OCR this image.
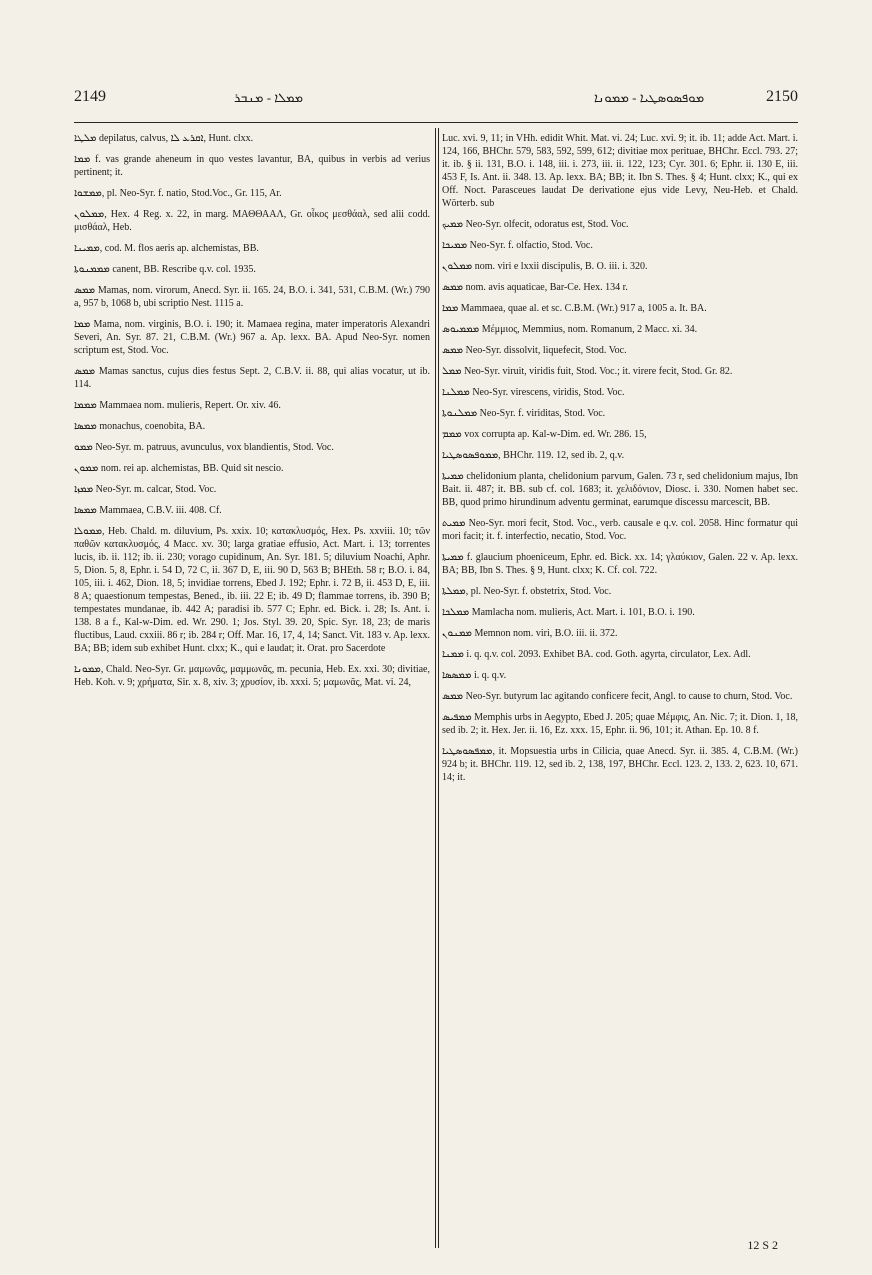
2149	ܡܡܠܐ - ܡܢܒܪ	ܡܘܦܣܘܣܛܝܐ - ܡܡܘܢܐ	2150

ܡܠܛܐ depilatus, calvus, ܐܩܪܥ ܠܐ, Hunt. clxx.

ܡܡܐ f. vas grande aheneum in quo vestes lavantur, BA, quibus in verbis ad verius pertinent; it.

ܡܡܫܘܐ, pl. Neo-Syr. f. natio, Stod.Voc., Gr. 115, Ar.

ܡܡܠܘܢ, Hex. 4 Reg. x. 22, in marg. ΜΑΘΘΑΑΛ, Gr. οἶκος μεσθάαλ, sed alii codd. μισθάαλ, Heb.

ܡܡܝܢܐ, cod. M. flos aeris ap. alchemistas, BB.

ܡܡܡܢܘܬܐ canent, BB. Rescribe q.v. col. 1935.

ܡܡܣ Mamas, nom. virorum, Anecd. Syr. ii. 165. 24, B.O. i. 341, 531, C.B.M. (Wr.) 790 a, 957 b, 1068 b, ubi scriptio Nest. 1115 a.

ܡܡܐ Mama, nom. virginis, B.O. i. 190; it. Mamaea regina, mater imperatoris Alexandri Severi, An. Syr. 87. 21, C.B.M. (Wr.) 967 a. Ap. lexx. BA. Apud Neo-Syr. nomen scriptum est, Stod. Voc.

ܡܡܣ Mamas sanctus, cujus dies festus Sept. 2, C.B.V. ii. 88, qui alias vocatur, ut ib. 114.

ܡܡܡܐ Mammaea nom. mulieris, Repert. Or. xiv. 46.

ܡܡܣܐ monachus, coenobita, BA.

ܡܡܘ Neo-Syr. m. patruus, avunculus, vox blandientis, Stod. Voc.

ܡܡܘܢ nom. rei ap. alchemistas, BB. Quid sit nescio.

ܡܡܙܐ Neo-Syr. m. calcar, Stod. Voc.

ܡܡܣܐ Mammaea, C.B.V. iii. 408. Cf.

ܡܡܘܠܐ, Heb. Chald. m. diluvium, Ps. xxix. 10; κατακλυσμός, Hex. Ps. xxviii. 10; τῶν παθῶν κατακλυσμός, 4 Macc. xv. 30; larga gratiae effusio, Act. Mart. i. 13; torrentes lucis, ib. ii. 112; ib. ii. 230; vorago cupidinum, An. Syr. 181. 5; diluvium Noachi, Aphr. 5, Dion. 5, 8, Ephr. i. 54 D, 72 C, ii. 367 D, E, iii. 90 D, 563 B; BHEth. 58 r; B.O. i. 84, 105, iii. i. 462, Dion. 18, 5; invidiae torrens, Ebed J. 192; Ephr. i. 72 B, ii. 453 D, E, iii. 8 A; quaestionum tempestas, Bened., ib. iii. 22 E; ib. 49 D; flammae torrens, ib. 390 B; tempestates mundanae, ib. 442 A; paradisi ib. 577 C; Ephr. ed. Bick. i. 28; Is. Ant. i. 138. 8 a f., Kal-w-Dim. ed. Wr. 290. 1; Jos. Styl. 39. 20, Spic. Syr. 18, 23; de maris fluctibus, Laud. cxxiii. 86 r; ib. 284 r; Off. Mar. 16, 17, 4, 14; Sanct. Vit. 183 v. Ap. lexx. BA; BB; idem sub exhibet Hunt. clxx; K., qui e laudat; it. Orat. pro Sacerdote

ܡܡܘܢܐ, Chald. Neo-Syr. Gr. μαμωνᾶς, μαμμωνᾶς, m. pecunia, Heb. Ex. xxi. 30; divitiae, Heb. Koh. v. 9; χρήματα, Sir. x. 8, xiv. 3; χρυσίον, ib. xxxi. 5; μαμωνᾶς, Mat. vi. 24,

Luc. xvi. 9, 11; in VHh. edidit Whit. Mat. vi. 24; Luc. xvi. 9; it. ib. 11; adde Act. Mart. i. 124, 166, BHChr. 579, 583, 592, 599, 612; divitiae mox perituae, BHChr. Eccl. 793. 27; it. ib. § ii. 131, B.O. i. 148, iii. i. 273, iii. ii. 122, 123; Cyr. 301. 6; Ephr. ii. 130 E, iii. 453 F, Is. Ant. ii. 348. 13. Ap. lexx. BA; BB; it. Ibn S. Thes. § 4; Hunt. clxx; K., qui ex Off. Noct. Parasceues laudat De derivatione ejus vide Levy, Neu-Heb. et Chald. Wörterb. sub

ܡܡܝܟ Neo-Syr. olfecit, odoratus est, Stod. Voc.

ܡܡܝܟܐ Neo-Syr. f. olfactio, Stod. Voc.

ܡܡܠܘܢ nom. viri e lxxii discipulis, B. O. iii. i. 320.

ܡܡܣ nom. avis aquaticae, Bar-Ce. Hex. 134 r.

ܡܡܐ Mammaea, quae al. et sc. C.B.M. (Wr.) 917 a, 1005 a. It. BA.

ܡܡܡܝܘܣ Μέμμιος, Memmius, nom. Romanum, 2 Macc. xi. 34.

ܡܡܣ Neo-Syr. dissolvit, liquefecit, Stod. Voc.

ܡܡܠ Neo-Syr. viruit, viridis fuit, Stod. Voc.; it. virere fecit, Stod. Gr. 82.

ܡܡܠܢܐ Neo-Syr. virescens, viridis, Stod. Voc.

ܡܡܠܢܘܬܐ Neo-Syr. f. viriditas, Stod. Voc.

ܡܡܡ vox corrupta ap. Kal-w-Dim. ed. Wr. 286. 15,

ܡܡܘܦܣܘܣܛܝܐ, BHChr. 119. 12, sed ib. 2, q.v.

ܡܡܝܬܐ chelidonium planta, chelidonium parvum, Galen. 73 r, sed chelidonium majus, Ibn Bait. ii. 487; it. BB. sub cf. col. 1683; it. χελιδόνιον, Diosc. i. 330. Nomen habet sec. BB, quod primo hirundinum adventu germinat, earumque discessu marcescit, BB.

ܡܡܝܬ Neo-Syr. mori fecit, Stod. Voc., verb. causale e q.v. col. 2058. Hinc formatur qui mori facit; it. f. interfectio, necatio, Stod. Voc.

ܡܡܝܬܐ f. glaucium phoeniceum, Ephr. ed. Bick. xx. 14; γλαύκιον, Galen. 22 v. Ap. lexx. BA; BB, Ibn S. Thes. § 9, Hunt. clxx; K. Cf. col. 722.

ܡܡܠܬܐ, pl. Neo-Syr. f. obstetrix, Stod. Voc.

ܡܡܠܟܐ Mamlacha nom. mulieris, Act. Mart. i. 101, B.O. i. 190.

ܡܡܢܘܢ Memnon nom. viri, B.O. iii. ii. 372.

ܡܡܢܐ i. q. q.v. col. 2093. Exhibet BA. cod. Goth. agyrta, circulator, Lex. Adl.

ܡܡܣܣܐ i. q. q.v.

ܡܡܣ Neo-Syr. butyrum lac agitando conficere fecit, Angl. to cause to churn, Stod. Voc.

ܡܡܦܝܣ Memphis urbs in Aegypto, Ebed J. 205; quae Μέμφις, An. Nic. 7; it. Dion. 1, 18, sed ib. 2; it. Hex. Jer. ii. 16, Ez. xxx. 15, Ephr. ii. 96, 101; it. Athan. Ep. 10. 8 f.

ܡܡܦܣܘܣܛܝܐ, it. Mopsuestia urbs in Cilicia, quae Anecd. Syr. ii. 385. 4, C.B.M. (Wr.) 924 b; it. BHChr. 119. 12, sed ib. 2, 138, 197, BHChr. Eccl. 123. 2, 133. 2, 623. 10, 671. 14; it.

12 S 2
